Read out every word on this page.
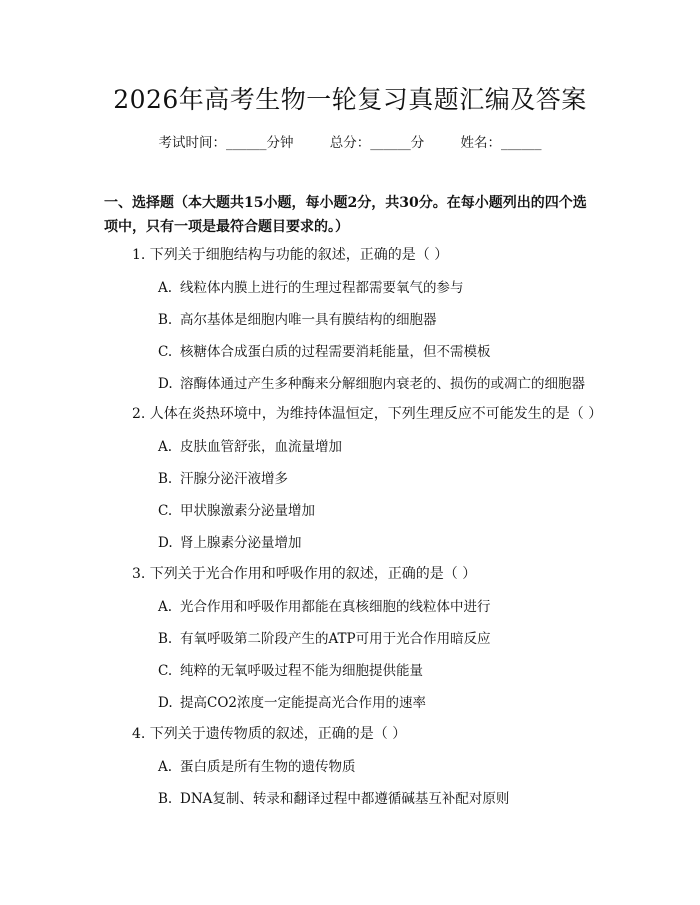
2026年高考生物一轮复习真题汇编及答案
考试时间：______分钟	总分：______分	姓名：______
一、选择题（本大题共15小题，每小题2分，共30分。在每小题列出的四个选项中，只有一项是最符合题目要求的。）
1. 下列关于细胞结构与功能的叙述，正确的是（ ）
A. 线粒体内膜上进行的生理过程都需要氧气的参与
B. 高尔基体是细胞内唯一具有膜结构的细胞器
C. 核糖体合成蛋白质的过程需要消耗能量，但不需模板
D. 溶酶体通过产生多种酶来分解细胞内衰老的、损伤的或凋亡的细胞器
2. 人体在炎热环境中，为维持体温恒定，下列生理反应不可能发生的是（ ）
A. 皮肤血管舒张，血流量增加
B. 汗腺分泌汗液增多
C. 甲状腺激素分泌量增加
D. 肾上腺素分泌量增加
3. 下列关于光合作用和呼吸作用的叙述，正确的是（ ）
A. 光合作用和呼吸作用都能在真核细胞的线粒体中进行
B. 有氧呼吸第二阶段产生的ATP可用于光合作用暗反应
C. 纯粹的无氧呼吸过程不能为细胞提供能量
D. 提高CO2浓度一定能提高光合作用的速率
4. 下列关于遗传物质的叙述，正确的是（ ）
A. 蛋白质是所有生物的遗传物质
B. DNA复制、转录和翻译过程中都遵循碱基互补配对原则
